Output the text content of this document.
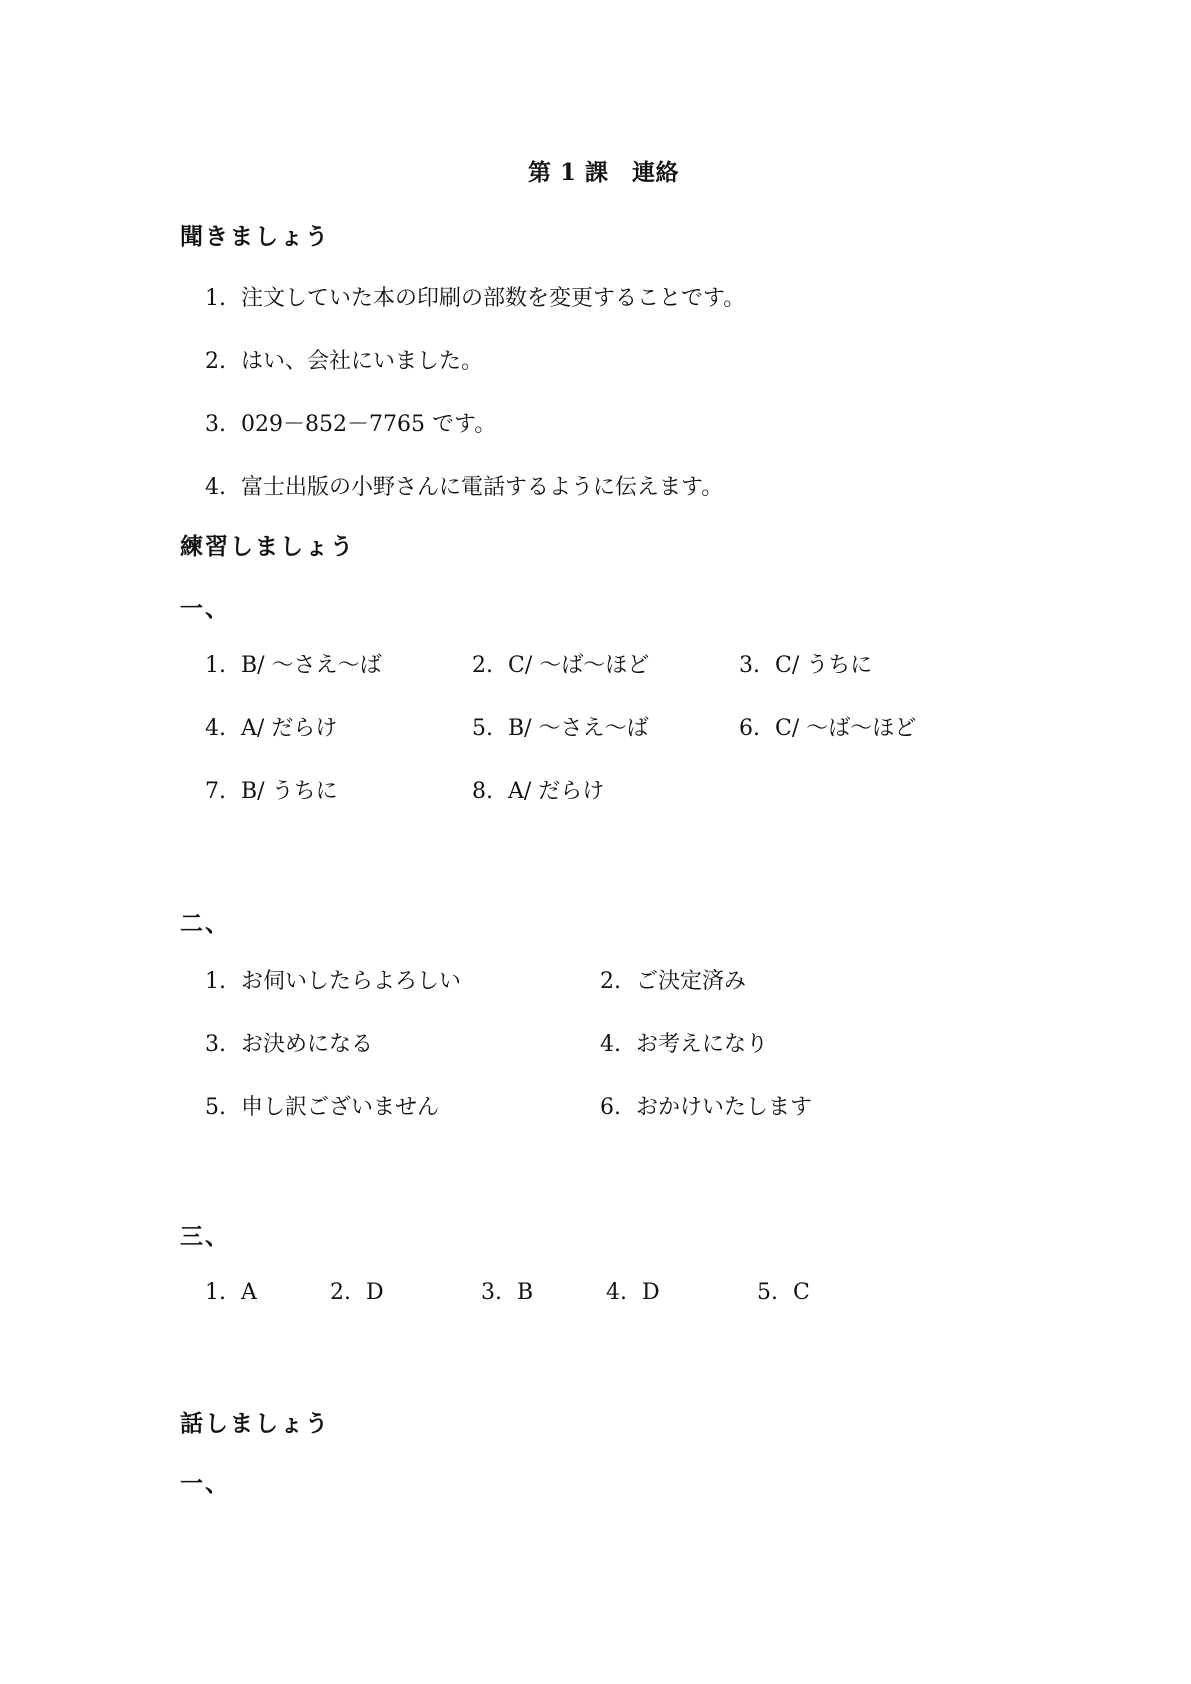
第 1 課　連絡
聞きましょう
1. 注文していた本の印刷の部数を変更することです。
2. はい、会社にいました。
3. 029－852－7765 です。
4. 富士出版の小野さんに電話するように伝えます。
練習しましょう
一、
1. B/ ～さえ～ば	2. C/ ～ば～ほど	3. C/ うちに
4. A/ だらけ	5. B/ ～さえ～ば	6. C/ ～ば～ほど
7. B/ うちに	8. A/ だらけ
二、
1. お伺いしたらよろしい	2. ご決定済み
3. お決めになる	4. お考えになり
5. 申し訳ございません	6. おかけいたします
三、
1. A	2. D	3. B	4. D	5. C
話しましょう
一、
